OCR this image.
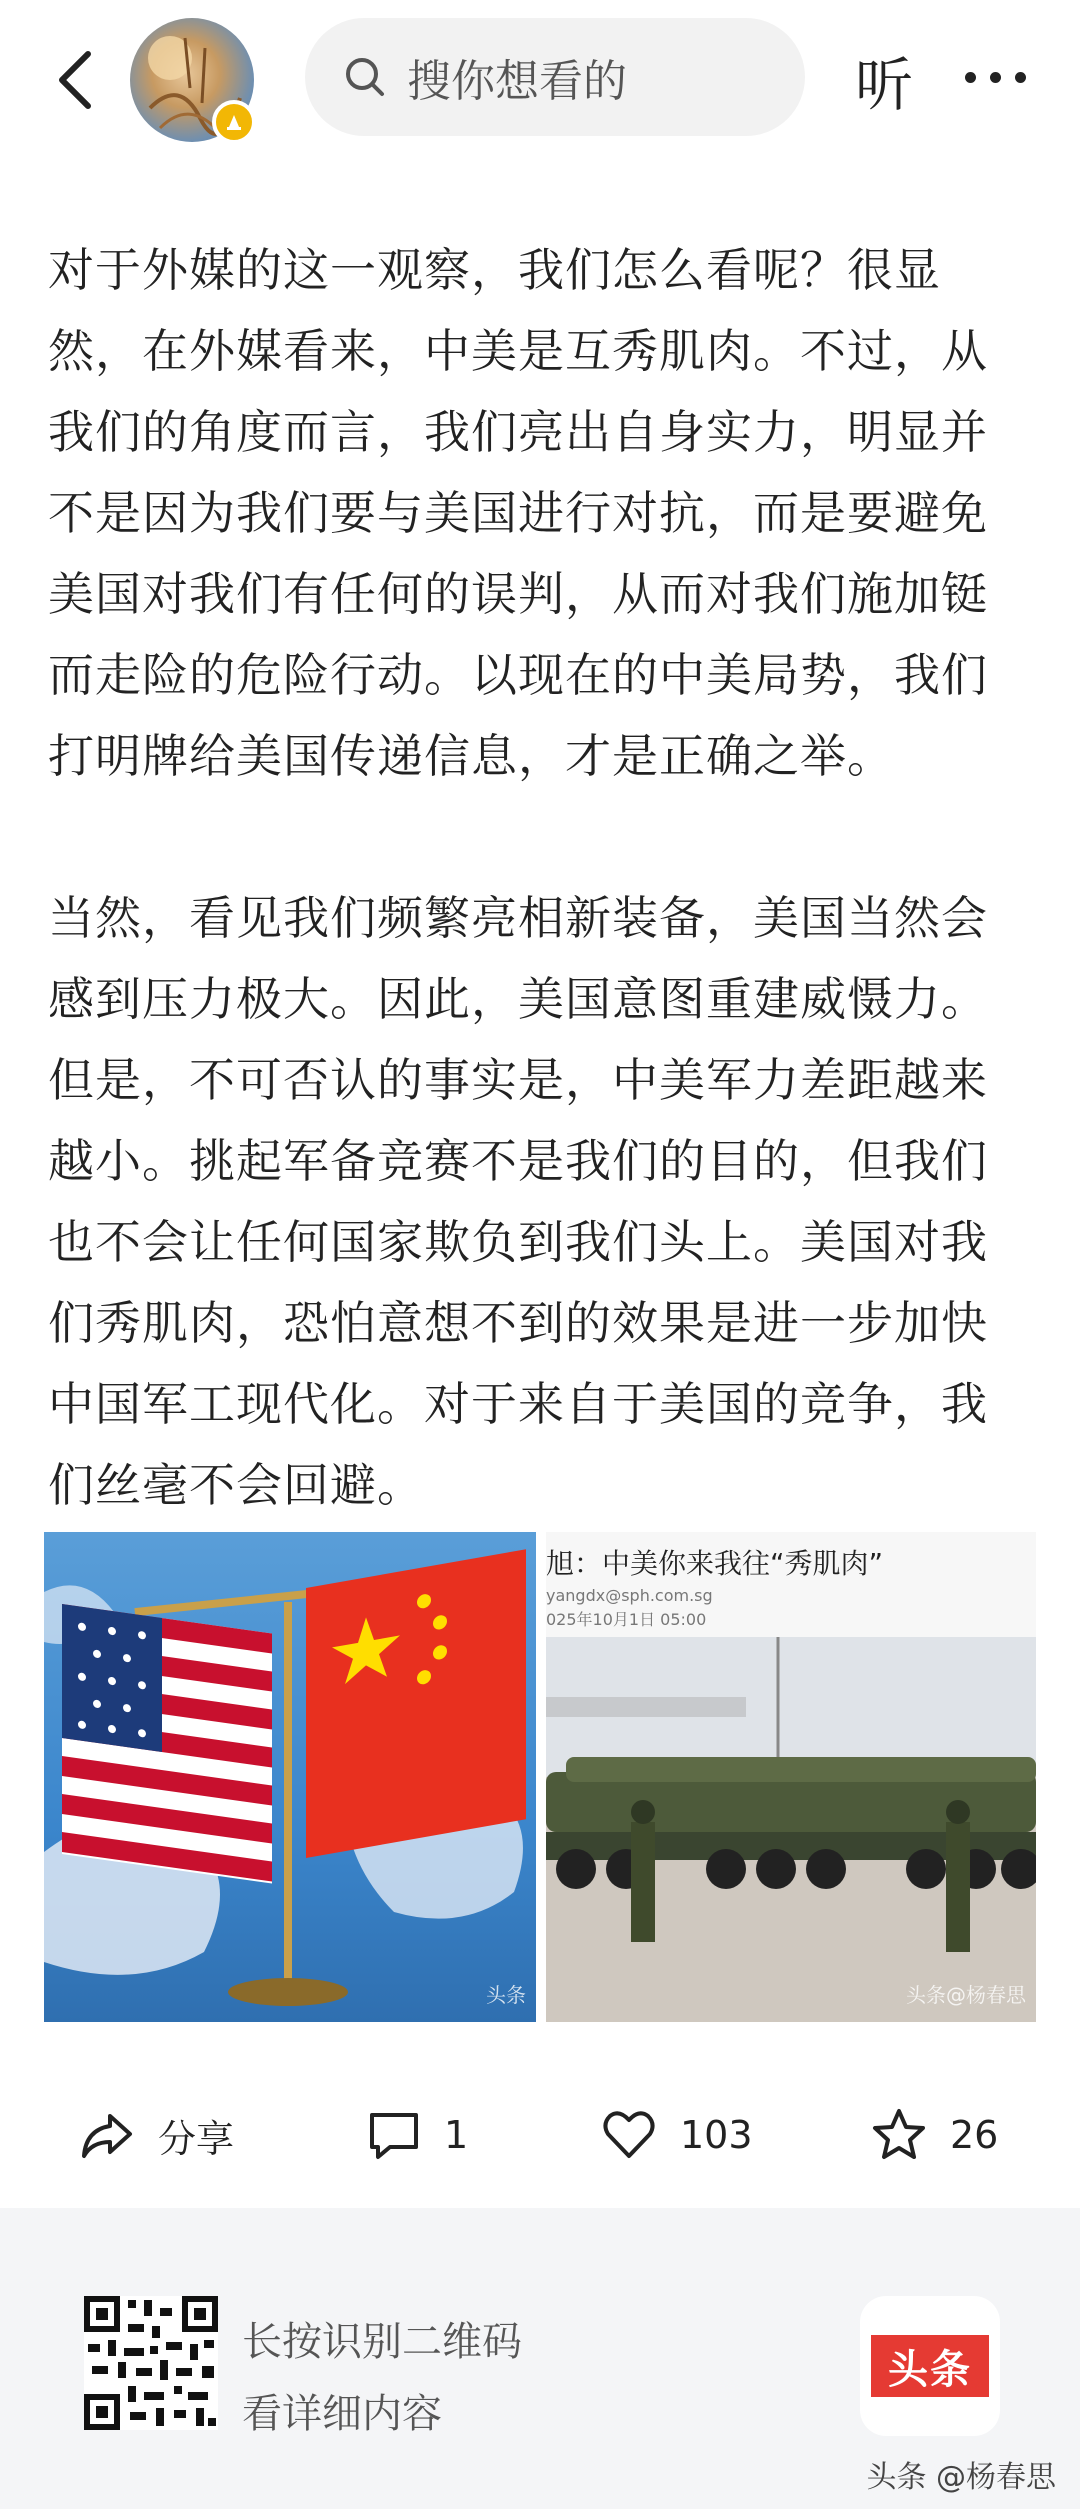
搜你想看的	听

对于外媒的这一观察，我们怎么看呢？很显然，在外媒看来，中美是互秀肌肉。不过，从我们的角度而言，我们亮出自身实力，明显并不是因为我们要与美国进行对抗，而是要避免美国对我们有任何的误判，从而对我们施加铤而走险的危险行动。以现在的中美局势，我们打明牌给美国传递信息，才是正确之举。

当然，看见我们频繁亮相新装备，美国当然会感到压力极大。因此，美国意图重建威慑力。但是，不可否认的事实是，中美军力差距越来越小。挑起军备竞赛不是我们的目的，但我们也不会让任何国家欺负到我们头上。美国对我们秀肌肉，恐怕意想不到的效果是进一步加快中国军工现代化。对于来自于美国的竞争，我们丝毫不会回避。

头条
旭：中美你来我往“秀肌肉”
yangdx@sph.com.sg
025年10月1日 05:00
头条@杨春思
分享	1	103	26
长按识别二维码
看详细内容
头条
头条 @杨春思
